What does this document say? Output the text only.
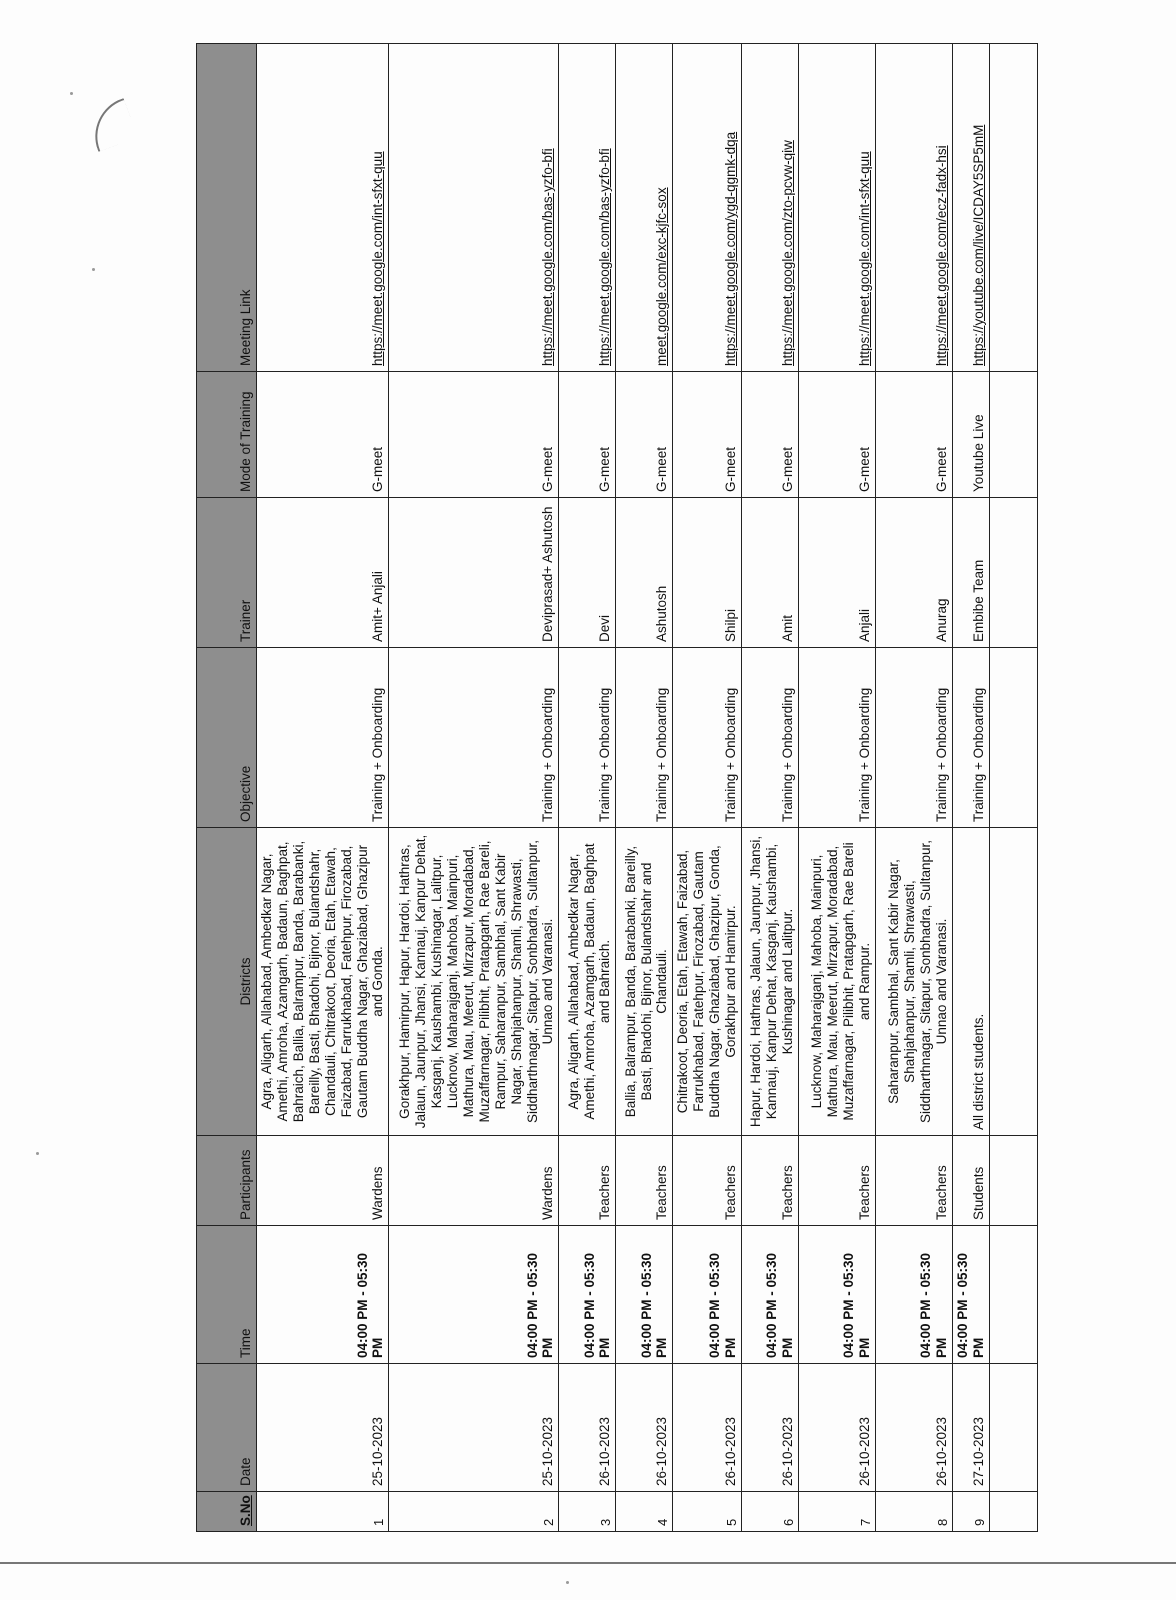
S.No	Date	Time	Participants	Districts	Objective	Trainer	Mode of Training	Meeting Link
1	25-10-2023	04:00 PM - 05:30 PM	Wardens	Agra, Aligarh, Allahabad, Ambedkar Nagar, Amethi, Amroha, Azamgarh, Badaun, Baghpat, Bahraich, Ballia, Balrampur, Banda, Barabanki, Bareilly, Basti, Bhadohi, Bijnor, Bulandshahr, Chandauli, Chitrakoot, Deoria, Etah, Etawah, Faizabad, Farrukhabad, Fatehpur, Firozabad, Gautam Buddha Nagar, Ghaziabad, Ghazipur and Gonda.	Training + Onboarding	Amit+ Anjali	G-meet	https://meet.google.com/int-sfxt-quu
2	25-10-2023	04:00 PM - 05:30 PM	Wardens	Gorakhpur, Hamirpur, Hapur, Hardoi, Hathras, Jalaun, Jaunpur, Jhansi, Kannauj, Kanpur Dehat, Kasganj, Kaushambi, Kushinagar, Lalitpur, Lucknow, Maharajganj, Mahoba, Mainpuri, Mathura, Mau, Meerut, Mirzapur, Moradabad, Muzaffarnagar, Pilibhit, Pratapgarh, Rae Bareli, Rampur, Saharanpur, Sambhal, Sant Kabir Nagar, Shahjahanpur, Shamli, Shrawasti, Siddharthnagar, Sitapur, Sonbhadra, Sultanpur, Unnao and Varanasi.	Training + Onboarding	Deviprasad+ Ashutosh	G-meet	https://meet.google.com/bas-yzfo-bfi
3	26-10-2023	04:00 PM - 05:30 PM	Teachers	Agra, Aligarh, Allahabad, Ambedkar Nagar, Amethi, Amroha, Azamgarh, Badaun, Baghpat and Bahraich.	Training + Onboarding	Devi	G-meet	https://meet.google.com/bas-yzfo-bfi
4	26-10-2023	04:00 PM - 05:30 PM	Teachers	Ballia, Balrampur, Banda, Barabanki, Bareilly, Basti, Bhadohi, Bijnor, Bulandshahr and Chandauli.	Training + Onboarding	Ashutosh	G-meet	meet.google.com/exc-kjfc-sox
5	26-10-2023	04:00 PM - 05:30 PM	Teachers	Chitrakoot, Deoria, Etah, Etawah, Faizabad, Farrukhabad, Fatehpur, Firozabad, Gautam Buddha Nagar, Ghaziabad, Ghazipur, Gonda, Gorakhpur and Hamirpur.	Training + Onboarding	Shilpi	G-meet	https://meet.google.com/ygd-qgmk-dqa
6	26-10-2023	04:00 PM - 05:30 PM	Teachers	Hapur, Hardoi, Hathras, Jalaun, Jaunpur, Jhansi, Kannauj, Kanpur Dehat, Kasganj, Kaushambi, Kushinagar and Lalitpur.	Training + Onboarding	Amit	G-meet	https://meet.google.com/zto-pcvw-qiw
7	26-10-2023	04:00 PM - 05:30 PM	Teachers	Lucknow, Maharajganj, Mahoba, Mainpuri, Mathura, Mau, Meerut, Mirzapur, Moradabad, Muzaffarnagar, Pilibhit, Pratapgarh, Rae Bareli and Rampur.	Training + Onboarding	Anjali	G-meet	https://meet.google.com/int-sfxt-quu
8	26-10-2023	04:00 PM - 05:30 PM	Teachers	Saharanpur, Sambhal, Sant Kabir Nagar, Shahjahanpur, Shamli, Shrawasti, Siddharthnagar, Sitapur, Sonbhadra, Sultanpur, Unnao and Varanasi.	Training + Onboarding	Anurag	G-meet	https://meet.google.com/ecz-fadx-hsi
9	27-10-2023	04:00 PM - 05:30 PM	Students	All district students.	Training + Onboarding	Embibe Team	Youtube Live	https://youtube.com/live/ICDAY5SP5mM
